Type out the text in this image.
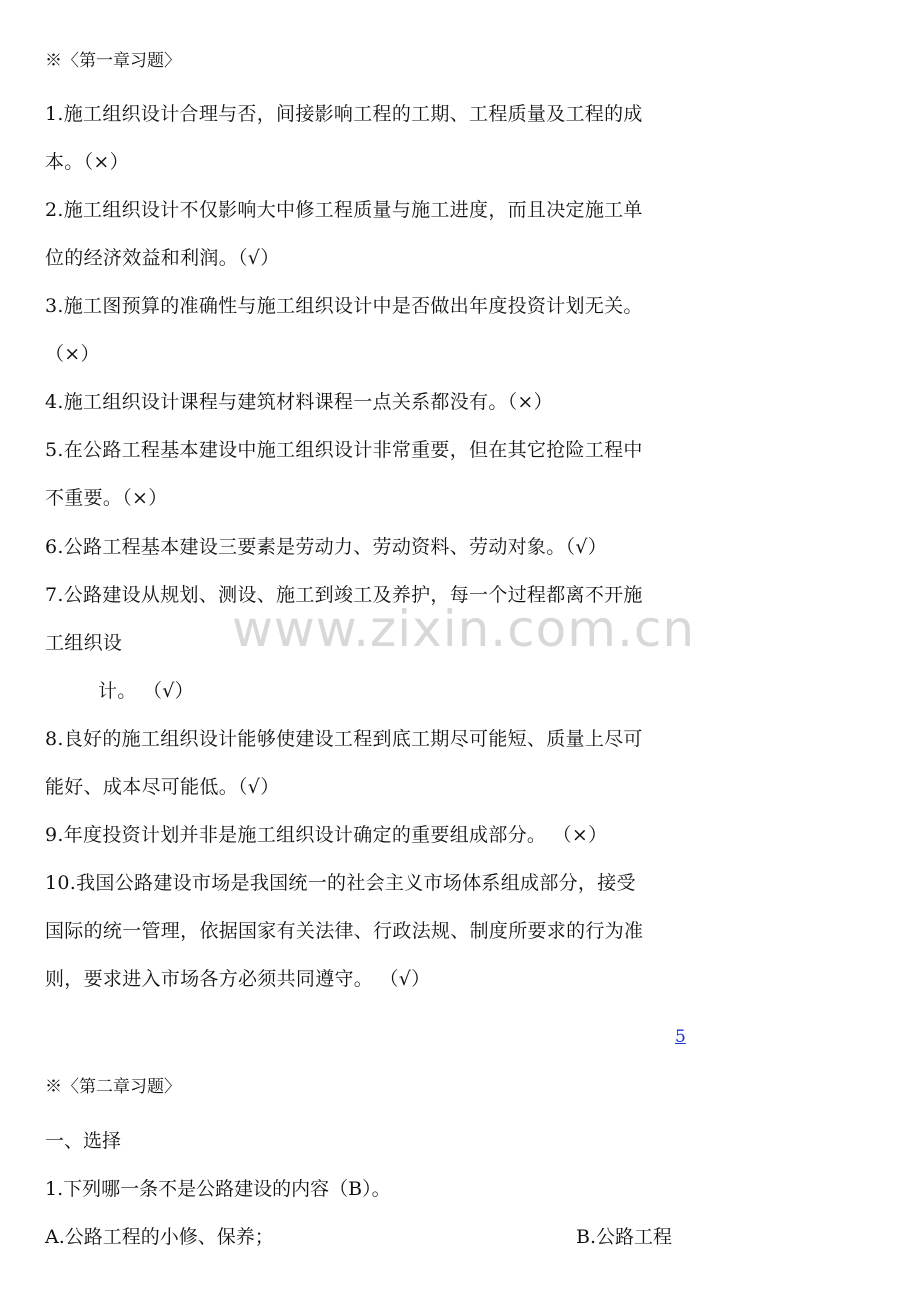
※〈第一章习题〉
1.施工组织设计合理与否，间接影响工程的工期、工程质量及工程的成
本。（×）
2.施工组织设计不仅影响大中修工程质量与施工进度，而且决定施工单
位的经济效益和利润。（√）
3.施工图预算的准确性与施工组织设计中是否做出年度投资计划无关。
（×）
4.施工组织设计课程与建筑材料课程一点关系都没有。（×）
5.在公路工程基本建设中施工组织设计非常重要，但在其它抢险工程中
不重要。（×）
6.公路工程基本建设三要素是劳动力、劳动资料、劳动对象。（√）
7.公路建设从规划、测设、施工到竣工及养护，每一个过程都离不开施
工组织设
计。 （√）
8.良好的施工组织设计能够使建设工程到底工期尽可能短、质量上尽可
能好、成本尽可能低。（√）
9.年度投资计划并非是施工组织设计确定的重要组成部分。 （×）
10.我国公路建设市场是我国统一的社会主义市场体系组成部分，接受
国际的统一管理，依据国家有关法律、行政法规、制度所要求的行为准
则，要求进入市场各方必须共同遵守。 （√）
www.zixin.com.cn
5
※〈第二章习题〉
一、选择
1.下列哪一条不是公路建设的内容（B）。
A.公路工程的小修、保养；	B.公路工程
